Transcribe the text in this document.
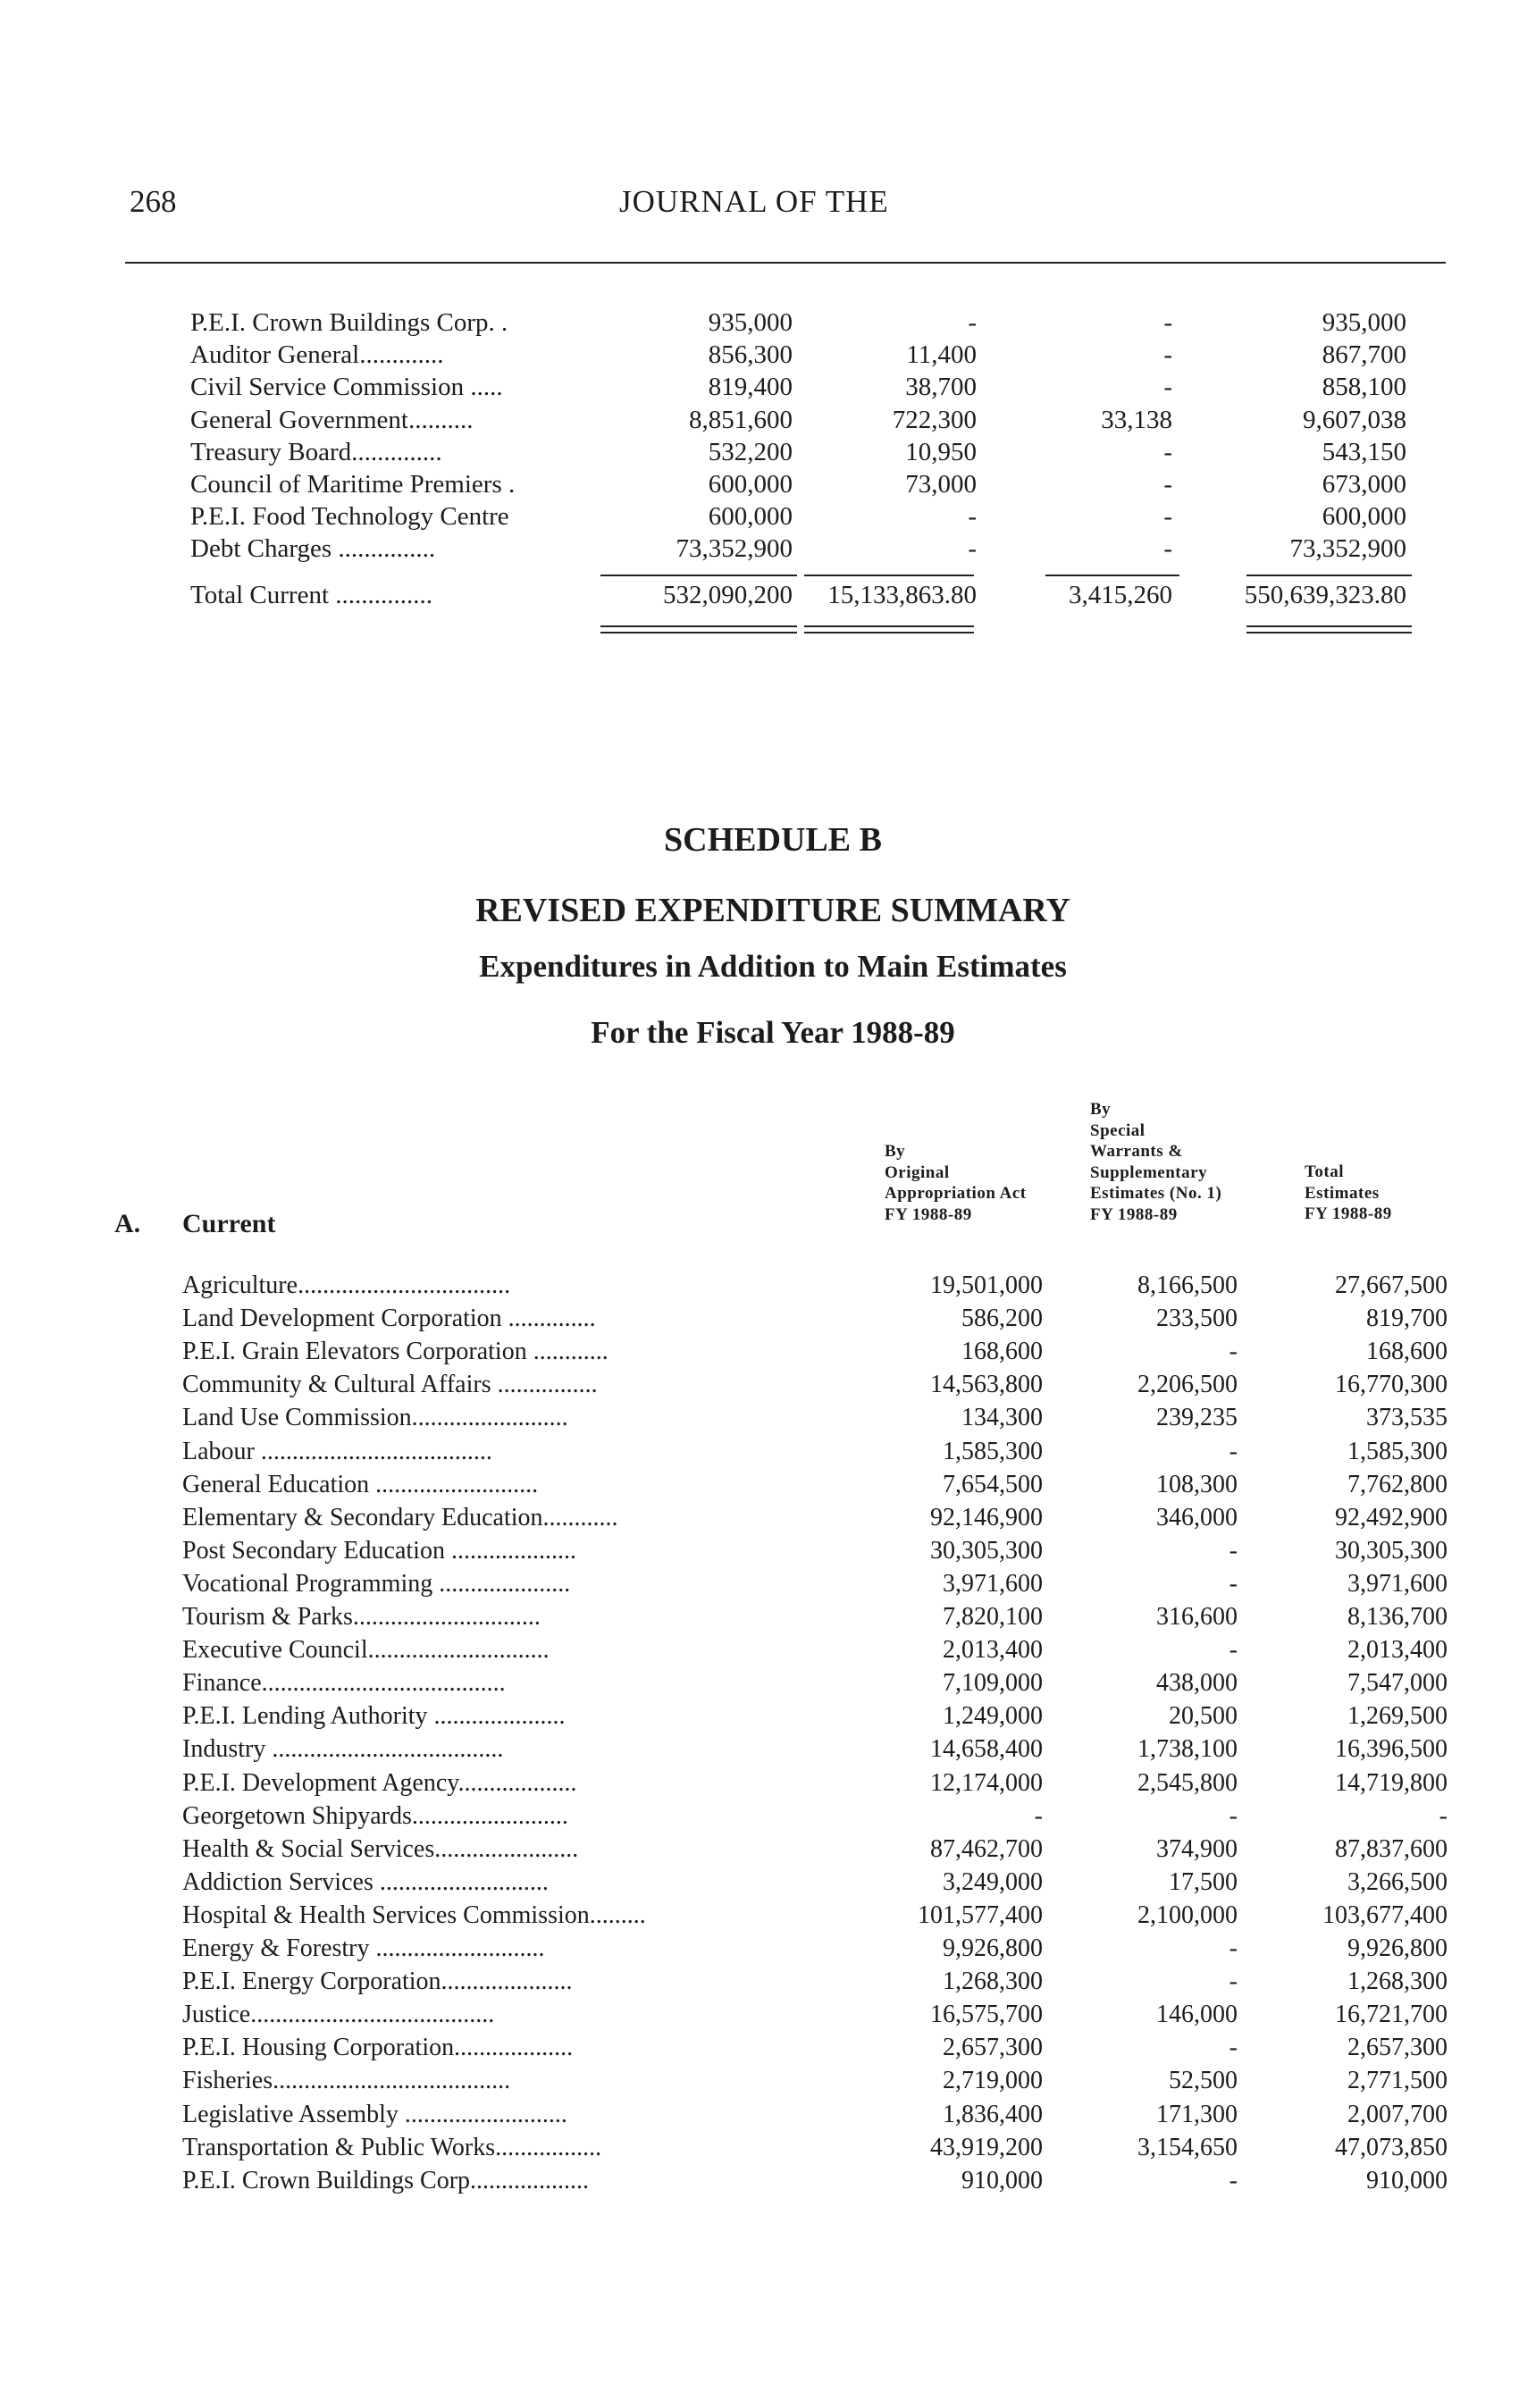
268	JOURNAL OF THE
P.E.I. Crown Buildings Corp. .	935,000	-	-	935,000
Auditor General.............	856,300	11,400	-	867,700
Civil Service Commission .....	819,400	38,700	-	858,100
General Government..........	8,851,600	722,300	33,138	9,607,038
Treasury Board..............	532,200	10,950	-	543,150
Council of Maritime Premiers .	600,000	73,000	-	673,000
P.E.I. Food Technology Centre	600,000	-	-	600,000
Debt Charges ...............	73,352,900	-	-	73,352,900
Total Current ...............	532,090,200 15,133,863.80	3,415,260	550,639,323.80
SCHEDULE B
REVISED EXPENDITURE SUMMARY
Expenditures in Addition to Main Estimates
For the Fiscal Year 1988-89
By
Original
Appropriation Act
FY 1988-89
By
Special
Warrants &
Supplementary
Estimates (No. 1)
FY 1988-89
Total
Estimates
FY 1988-89
A. Current
Agriculture..................................	19,501,000	8,166,500	27,667,500
Land Development Corporation ..............	586,200	233,500	819,700
P.E.I. Grain Elevators Corporation ............	168,600	-	168,600
Community & Cultural Affairs ................	14,563,800	2,206,500	16,770,300
Land Use Commission.........................	134,300	239,235	373,535
Labour .....................................	1,585,300	-	1,585,300
General Education ..........................	7,654,500	108,300	7,762,800
Elementary & Secondary Education............	92,146,900	346,000	92,492,900
Post Secondary Education ....................	30,305,300	-	30,305,300
Vocational Programming .....................	3,971,600	-	3,971,600
Tourism & Parks..............................	7,820,100	316,600	8,136,700
Executive Council.............................	2,013,400	-	2,013,400
Finance.......................................	7,109,000	438,000	7,547,000
P.E.I. Lending Authority .....................	1,249,000	20,500	1,269,500
Industry .....................................	14,658,400	1,738,100	16,396,500
P.E.I. Development Agency...................	12,174,000	2,545,800	14,719,800
Georgetown Shipyards.........................	-	-	-
Health & Social Services.......................	87,462,700	374,900	87,837,600
Addiction Services ...........................	3,249,000	17,500	3,266,500
Hospital & Health Services Commission.........	101,577,400	2,100,000	103,677,400
Energy & Forestry ...........................	9,926,800	-	9,926,800
P.E.I. Energy Corporation.....................	1,268,300	-	1,268,300
Justice.......................................	16,575,700	146,000	16,721,700
P.E.I. Housing Corporation...................	2,657,300	-	2,657,300
Fisheries......................................	2,719,000	52,500	2,771,500
Legislative Assembly ..........................	1,836,400	171,300	2,007,700
Transportation & Public Works.................	43,919,200	3,154,650	47,073,850
P.E.I. Crown Buildings Corp...................	910,000	-	910,000
